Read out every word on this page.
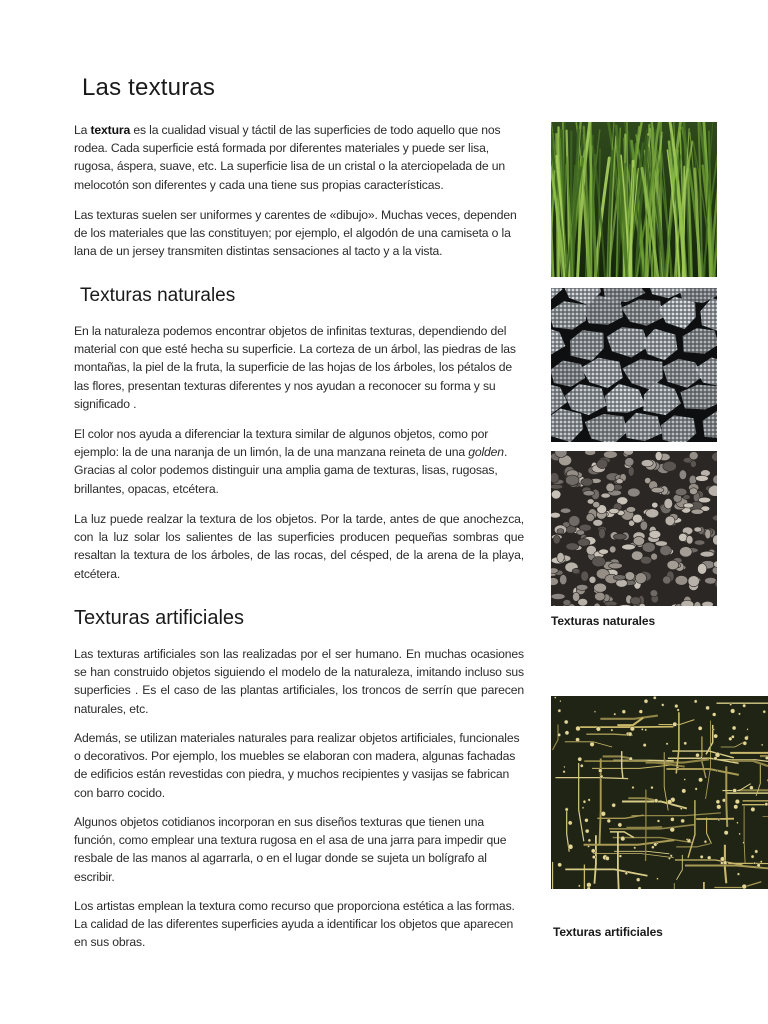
Las texturas

La textura es la cualidad visual y táctil de las superficies de todo aquello que nos rodea. Cada superficie está formada por diferentes materiales y puede ser lisa, rugosa, áspera, suave, etc. La superficie lisa de un cristal o la aterciopelada de un melocotón son diferentes y cada una tiene sus propias características.

Las texturas suelen ser uniformes y carentes de «dibujo». Muchas veces, dependen de los materiales que las constituyen; por ejemplo, el algodón de una camiseta o la lana de un jersey transmiten distintas sensaciones al tacto y a la vista.

Texturas naturales

En la naturaleza podemos encontrar objetos de infinitas texturas, dependiendo del material con que esté hecha su superficie. La corteza de un árbol, las piedras de las montañas, la piel de la fruta, la superficie de las hojas de los árboles, los pétalos de las flores, presentan texturas diferentes y nos ayudan a reconocer su forma y su significado .

El color nos ayuda a diferenciar la textura similar de algunos objetos, como por ejemplo: la de una naranja de un limón, la de una manzana reineta de una golden. Gracias al color podemos distinguir una amplia gama de texturas, lisas, rugosas, brillantes, opacas, etcétera.

La luz puede realzar la textura de los objetos. Por la tarde, antes de que anochezca, con la luz solar los salientes de las superficies producen pequeñas sombras que resaltan la textura de los árboles, de las rocas, del césped, de la arena de la playa, etcétera.

Texturas artificiales

Las texturas artificiales son las realizadas por el ser humano. En muchas ocasiones se han construido objetos siguiendo el modelo de la naturaleza, imitando incluso sus superficies . Es el caso de las plantas artificiales, los troncos de serrín que parecen naturales, etc.

Además, se utilizan materiales naturales para realizar objetos artificiales, funcionales o decorativos. Por ejemplo, los muebles se elaboran con madera, algunas fachadas de edificios están revestidas con piedra, y muchos recipientes y vasijas se fabrican con barro cocido.

Algunos objetos cotidianos incorporan en sus diseños texturas que tienen una función, como emplear una textura rugosa en el asa de una jarra para impedir que resbale de las manos al agarrarla, o en el lugar donde se sujeta un bolígrafo al escribir.

Los artistas emplean la textura como recurso que proporciona estética a las formas. La calidad de las diferentes superficies ayuda a identificar los objetos que aparecen en sus obras.

Texturas naturales
Texturas artificiales
